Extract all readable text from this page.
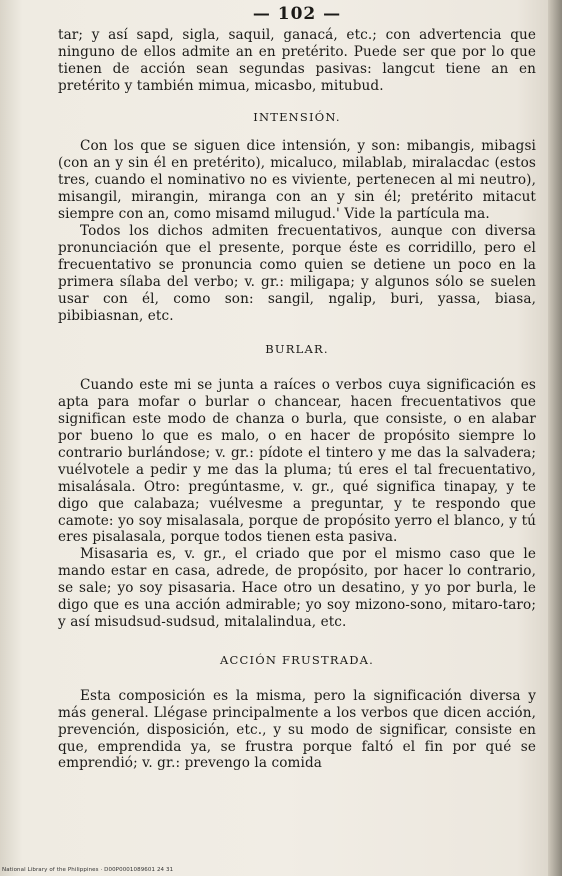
— 102 —

tar; y así sapd, sigla, saquil, ganacá, etc.; con advertencia que ninguno de ellos admite an en pretérito. Puede ser que por lo que tienen de acción sean segundas pasivas: langcut tiene an en pretérito y también mimua, micasbo, mitubud.

INTENSIÓN.

Con los que se siguen dice intensión, y son: mibangis, mibagsi (con an y sin él en pretérito), micaluco, milablab, miralacdac (estos tres, cuando el nominativo no es viviente, pertenecen al mi neutro), misangil, mirangin, miranga con an y sin él; pretérito mitacut siempre con an, como misamd milugud.' Vide la partícula ma.

Todos los dichos admiten frecuentativos, aunque con diversa pronunciación que el presente, porque éste es corridillo, pero el frecuentativo se pronuncia como quien se detiene un poco en la primera sílaba del verbo; v. gr.: miligapa; y algunos sólo se suelen usar con él, como son: sangil, ngalip, buri, yassa, biasa, pibibiasnan, etc.

BURLAR.

Cuando este mi se junta a raíces o verbos cuya significación es apta para mofar o burlar o chancear, hacen frecuentativos que significan este modo de chanza o burla, que consiste, o en alabar por bueno lo que es malo, o en hacer de propósito siempre lo contrario burlándose; v. gr.: pídote el tintero y me das la salvadera; vuélvotele a pedir y me das la pluma; tú eres el tal frecuentativo, misalásala. Otro: pregúntasme, v. gr., qué significa tinapay, y te digo que calabaza; vuélvesme a preguntar, y te respondo que camote: yo soy misalasala, porque de propósito yerro el blanco, y tú eres pisalasala, porque todos tienen esta pasiva.

Misasaria es, v. gr., el criado que por el mismo caso que le mando estar en casa, adrede, de propósito, por hacer lo contrario, se sale; yo soy pisasaria. Hace otro un desatino, y yo por burla, le digo que es una acción admirable; yo soy mizono-sono, mitaro-taro; y así misudsud-sudsud, mitalalindua, etc.

ACCIÓN FRUSTRADA.

Esta composición es la misma, pero la significación diversa y más general. Llégase principalmente a los verbos que dicen acción, prevención, disposición, etc., y su modo de significar, consiste en que, emprendida ya, se frustra porque faltó el fin por qué se emprendió; v. gr.: prevengo la comida

National Library of the Philippines · D00P0001089601 24 31
